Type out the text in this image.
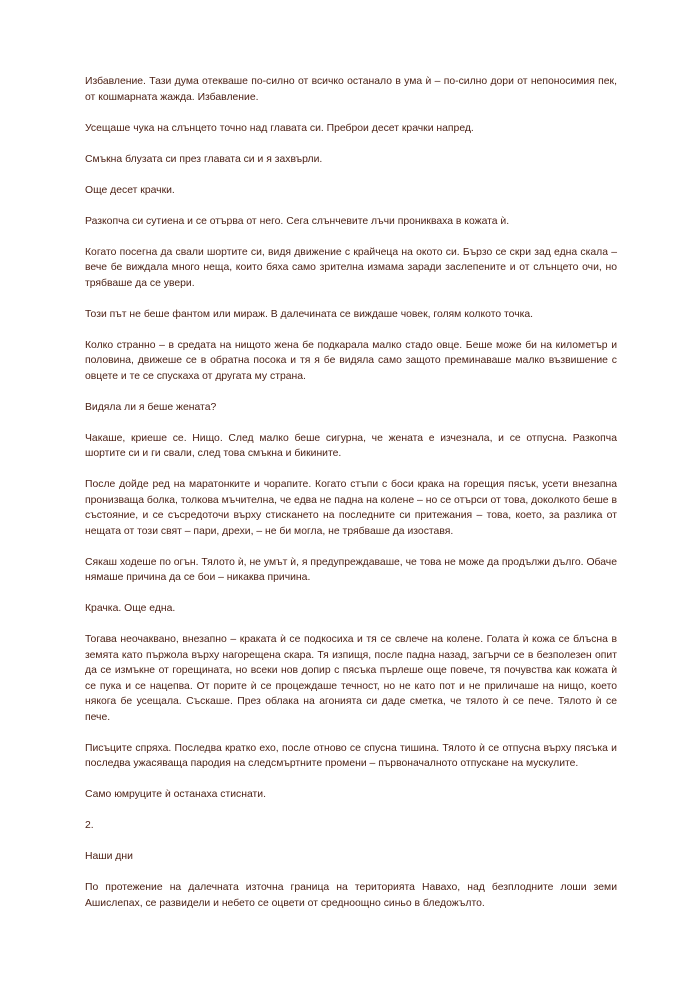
Избавление. Тази дума отекваше по-силно от всичко останало в ума ѝ – по-силно дори от непоносимия пек, от кошмарната жажда. Избавление.

Усещаше чука на слънцето точно над главата си. Преброи десет крачки напред.

Смъкна блузата си през главата си и я захвърли.

Още десет крачки.

Разкопча си сутиена и се отърва от него. Сега слънчевите лъчи проникваха в кожата ѝ.

Когато посегна да свали шортите си, видя движение с крайчеца на окото си. Бързо се скри зад една скала – вече бе виждала много неща, които бяха само зрителна измама заради заслепените и от слънцето очи, но трябваше да се увери.

Този път не беше фантом или мираж. В далечината се виждаше човек, голям колкото точка.

Колко странно – в средата на нищото жена бе подкарала малко стадо овце. Беше може би на километър и половина, движеше се в обратна посока и тя я бе видяла само защото преминаваше малко възвишение с овцете и те се спускаха от другата му страна.

Видяла ли я беше жената?

Чакаше, криеше се. Нищо. След малко беше сигурна, че жената е изчезнала, и се отпусна. Разкопча шортите си и ги свали, след това смъкна и бикините.

После дойде ред на маратонките и чорапите. Когато стъпи с боси крака на горещия пясък, усети внезапна пронизваща болка, толкова мъчителна, че едва не падна на колене – но се отърси от това, доколкото беше в състояние, и се съсредоточи върху стискането на последните си притежания – това, което, за разлика от нещата от този свят – пари, дрехи, – не би могла, не трябваше да изоставя.

Сякаш ходеше по огън. Тялото ѝ, не умът ѝ, я предупреждаваше, че това не може да продължи дълго. Обаче нямаше причина да се бои – никаква причина.

Крачка. Още една.

Тогава неочаквано, внезапно – краката ѝ се подкосиха и тя се свлече на колене. Голата ѝ кожа се блъсна в земята като пържола върху нагорещена скара. Тя изпищя, после падна назад, загърчи се в безполезен опит да се измъкне от горещината, но всеки нов допир с пясъка пърлеше още повече, тя почувства как кожата ѝ се пука и се нацепва. От порите ѝ се процеждаше течност, но не като пот и не приличаше на нищо, което някога бе усещала. Съскаше. През облака на агонията си даде сметка, че тялото ѝ се пече. Тялото ѝ се пече.

Писъците спряха. Последва кратко ехо, после отново се спусна тишина. Тялото ѝ се отпусна върху пясъка и последва ужасяваща пародия на следсмъртните промени – първоначалното отпускане на мускулите.

Само юмруците ѝ останаха стиснати.

2.

Наши дни

По протежение на далечната източна граница на територията Навахо, над безплодните лоши земи Ашислепах, се развидели и небето се оцвети от средноощно синьо в бледожълто.
